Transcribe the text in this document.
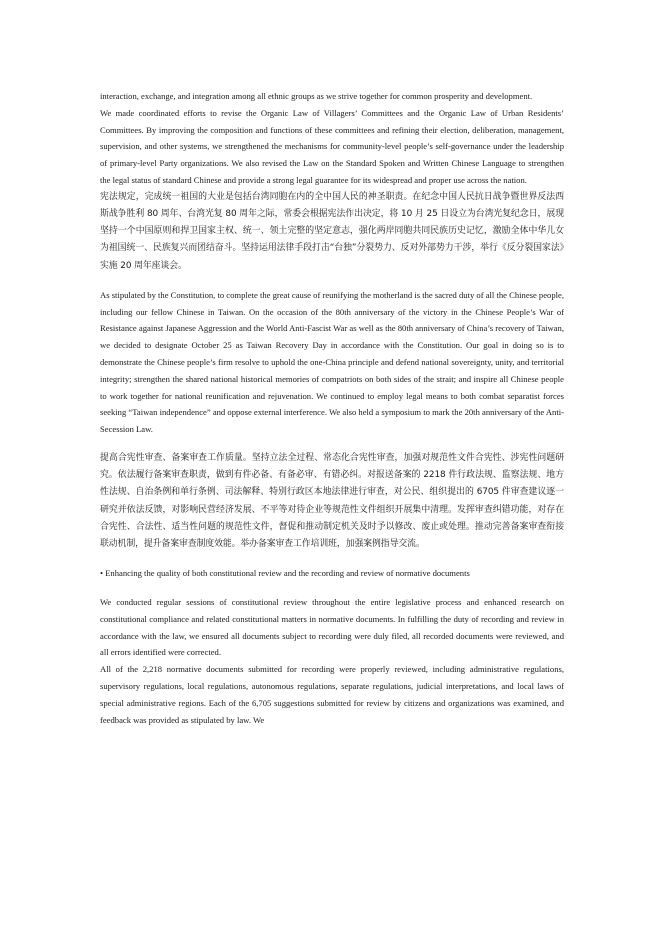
interaction, exchange, and integration among all ethnic groups as we strive together for common prosperity and development.

We made coordinated efforts to revise the Organic Law of Villagers’ Committees and the Organic Law of Urban Residents’ Committees. By improving the composition and functions of these committees and refining their election, deliberation, management, supervision, and other systems, we strengthened the mechanisms for community-level people’s self-governance under the leadership of primary-level Party organizations. We also revised the Law on the Standard Spoken and Written Chinese Language to strengthen the legal status of standard Chinese and provide a strong legal guarantee for its widespread and proper use across the nation.

宪法规定，完成统一祖国的大业是包括台湾同胞在内的全中国人民的神圣职责。在纪念中国人民抗日战争暨世界反法西斯战争胜利 80 周年、台湾光复 80 周年之际，常委会根据宪法作出决定，将 10 月 25 日设立为台湾光复纪念日，展现坚持一个中国原则和捍卫国家主权、统一、领土完整的坚定意志，强化两岸同胞共同民族历史记忆，激励全体中华儿女为祖国统一、民族复兴而团结奋斗。坚持运用法律手段打击“台独”分裂势力、反对外部势力干涉，举行《反分裂国家法》实施 20 周年座谈会。

As stipulated by the Constitution, to complete the great cause of reunifying the motherland is the sacred duty of all the Chinese people, including our fellow Chinese in Taiwan. On the occasion of the 80th anniversary of the victory in the Chinese People’s War of Resistance against Japanese Aggression and the World Anti-Fascist War as well as the 80th anniversary of China’s recovery of Taiwan, we decided to designate October 25 as Taiwan Recovery Day in accordance with the Constitution. Our goal in doing so is to demonstrate the Chinese people’s firm resolve to uphold the one-China principle and defend national sovereignty, unity, and territorial integrity; strengthen the shared national historical memories of compatriots on both sides of the strait; and inspire all Chinese people to work together for national reunification and rejuvenation. We continued to employ legal means to both combat separatist forces seeking “Taiwan independence” and oppose external interference. We also held a symposium to mark the 20th anniversary of the Anti-Secession Law.

提高合宪性审查、备案审查工作质量。坚持立法全过程、常态化合宪性审查，加强对规范性文件合宪性、涉宪性问题研究。依法履行备案审查职责，做到有件必备、有备必审、有错必纠。对报送备案的 2218 件行政法规、监察法规、地方性法规、自治条例和单行条例、司法解释、特别行政区本地法律进行审查，对公民、组织提出的 6705 件审查建议逐一研究并依法反馈，对影响民营经济发展、不平等对待企业等规范性文件组织开展集中清理。发挥审查纠错功能，对存在合宪性、合法性、适当性问题的规范性文件，督促和推动制定机关及时予以修改、废止或处理。推动完善备案审查衔接联动机制，提升备案审查制度效能。举办备案审查工作培训班，加强案例指导交流。

• Enhancing the quality of both constitutional review and the recording and review of normative documents

We conducted regular sessions of constitutional review throughout the entire legislative process and enhanced research on constitutional compliance and related constitutional matters in normative documents. In fulfilling the duty of recording and review in accordance with the law, we ensured all documents subject to recording were duly filed, all recorded documents were reviewed, and all errors identified were corrected.

All of the 2,218 normative documents submitted for recording were properly reviewed, including administrative regulations, supervisory regulations, local regulations, autonomous regulations, separate regulations, judicial interpretations, and local laws of special administrative regions. Each of the 6,705 suggestions submitted for review by citizens and organizations was examined, and feedback was provided as stipulated by law. We
